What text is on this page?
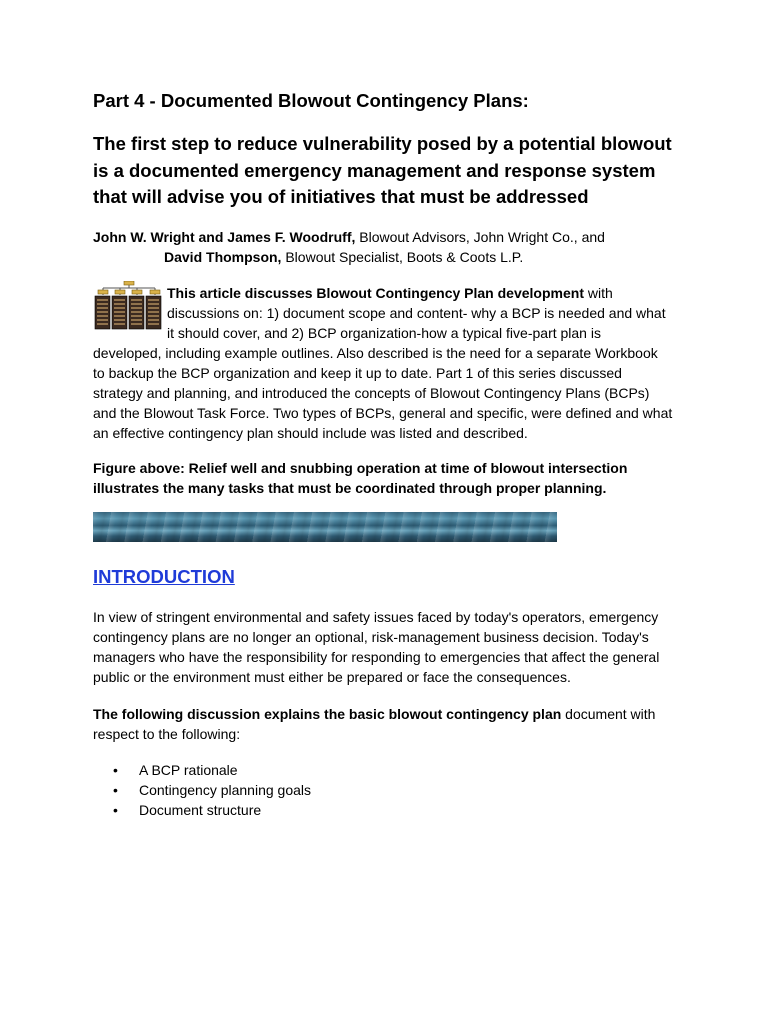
Part 4 - Documented Blowout Contingency Plans:
The first step to reduce vulnerability posed by a potential blowout is a documented emergency management and response system that will advise you of initiatives that must be addressed
John W. Wright and James F. Woodruff, Blowout Advisors, John Wright Co., and
David Thompson, Blowout Specialist, Boots & Coots L.P.
This article discusses Blowout Contingency Plan development with discussions on: 1) document scope and content- why a BCP is needed and what it should cover, and 2) BCP organization-how a typical five-part plan is developed, including example outlines. Also described is the need for a separate Workbook to backup the BCP organization and keep it up to date. Part 1 of this series discussed strategy and planning, and introduced the concepts of Blowout Contingency Plans (BCPs) and the Blowout Task Force. Two types of BCPs, general and specific, were defined and what an effective contingency plan should include was listed and described.
Figure above: Relief well and snubbing operation at time of blowout intersection illustrates the many tasks that must be coordinated through proper planning.
INTRODUCTION

In view of stringent environmental and safety issues faced by today's operators, emergency contingency plans are no longer an optional, risk-management business decision. Today's managers who have the responsibility for responding to emergencies that affect the general public or the environment must either be prepared or face the consequences.

The following discussion explains the basic blowout contingency plan document with respect to the following:

• A BCP rationale
• Contingency planning goals
• Document structure
